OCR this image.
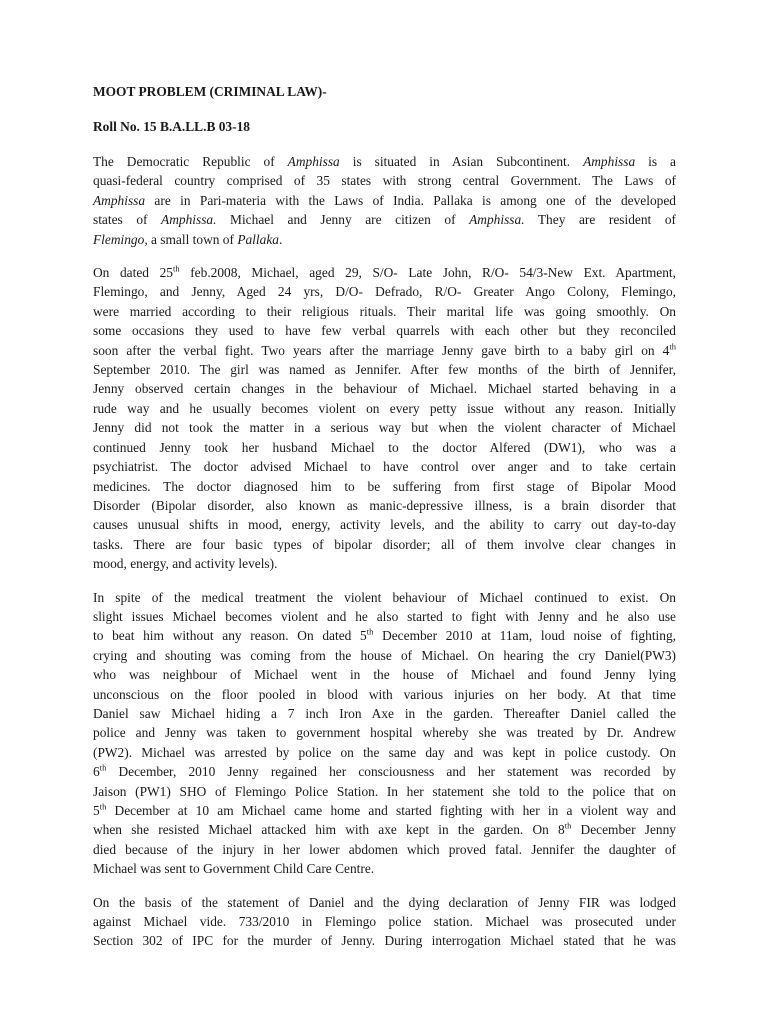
MOOT PROBLEM (CRIMINAL LAW)-
Roll No. 15 B.A.LL.B 03-18
The Democratic Republic of Amphissa is situated in Asian Subcontinent. Amphissa is a
quasi-federal country comprised of 35 states with strong central Government. The Laws of
Amphissa are in Pari-materia with the Laws of India. Pallaka is among one of the developed
states of Amphissa. Michael and Jenny are citizen of Amphissa. They are resident of
Flemingo, a small town of Pallaka.
On dated 25th feb.2008, Michael, aged 29, S/O- Late John, R/O- 54/3-New Ext. Apartment,
Flemingo, and Jenny, Aged 24 yrs, D/O- Defrado, R/O- Greater Ango Colony, Flemingo,
were married according to their religious rituals. Their marital life was going smoothly. On
some occasions they used to have few verbal quarrels with each other but they reconciled
soon after the verbal fight. Two years after the marriage Jenny gave birth to a baby girl on 4th
September 2010. The girl was named as Jennifer. After few months of the birth of Jennifer,
Jenny observed certain changes in the behaviour of Michael. Michael started behaving in a
rude way and he usually becomes violent on every petty issue without any reason. Initially
Jenny did not took the matter in a serious way but when the violent character of Michael
continued Jenny took her husband Michael to the doctor Alfered (DW1), who was a
psychiatrist. The doctor advised Michael to have control over anger and to take certain
medicines. The doctor diagnosed him to be suffering from first stage of Bipolar Mood
Disorder (Bipolar disorder, also known as manic-depressive illness, is a brain disorder that
causes unusual shifts in mood, energy, activity levels, and the ability to carry out day-to-day
tasks. There are four basic types of bipolar disorder; all of them involve clear changes in
mood, energy, and activity levels).
In spite of the medical treatment the violent behaviour of Michael continued to exist. On
slight issues Michael becomes violent and he also started to fight with Jenny and he also use
to beat him without any reason. On dated 5th December 2010 at 11am, loud noise of fighting,
crying and shouting was coming from the house of Michael. On hearing the cry Daniel(PW3)
who was neighbour of Michael went in the house of Michael and found Jenny lying
unconscious on the floor pooled in blood with various injuries on her body. At that time
Daniel saw Michael hiding a 7 inch Iron Axe in the garden. Thereafter Daniel called the
police and Jenny was taken to government hospital whereby she was treated by Dr. Andrew
(PW2). Michael was arrested by police on the same day and was kept in police custody. On
6th December, 2010 Jenny regained her consciousness and her statement was recorded by
Jaison (PW1) SHO of Flemingo Police Station. In her statement she told to the police that on
5th December at 10 am Michael came home and started fighting with her in a violent way and
when she resisted Michael attacked him with axe kept in the garden. On 8th December Jenny
died because of the injury in her lower abdomen which proved fatal. Jennifer the daughter of
Michael was sent to Government Child Care Centre.
On the basis of the statement of Daniel and the dying declaration of Jenny FIR was lodged
against Michael vide. 733/2010 in Flemingo police station. Michael was prosecuted under
Section 302 of IPC for the murder of Jenny. During interrogation Michael stated that he was
